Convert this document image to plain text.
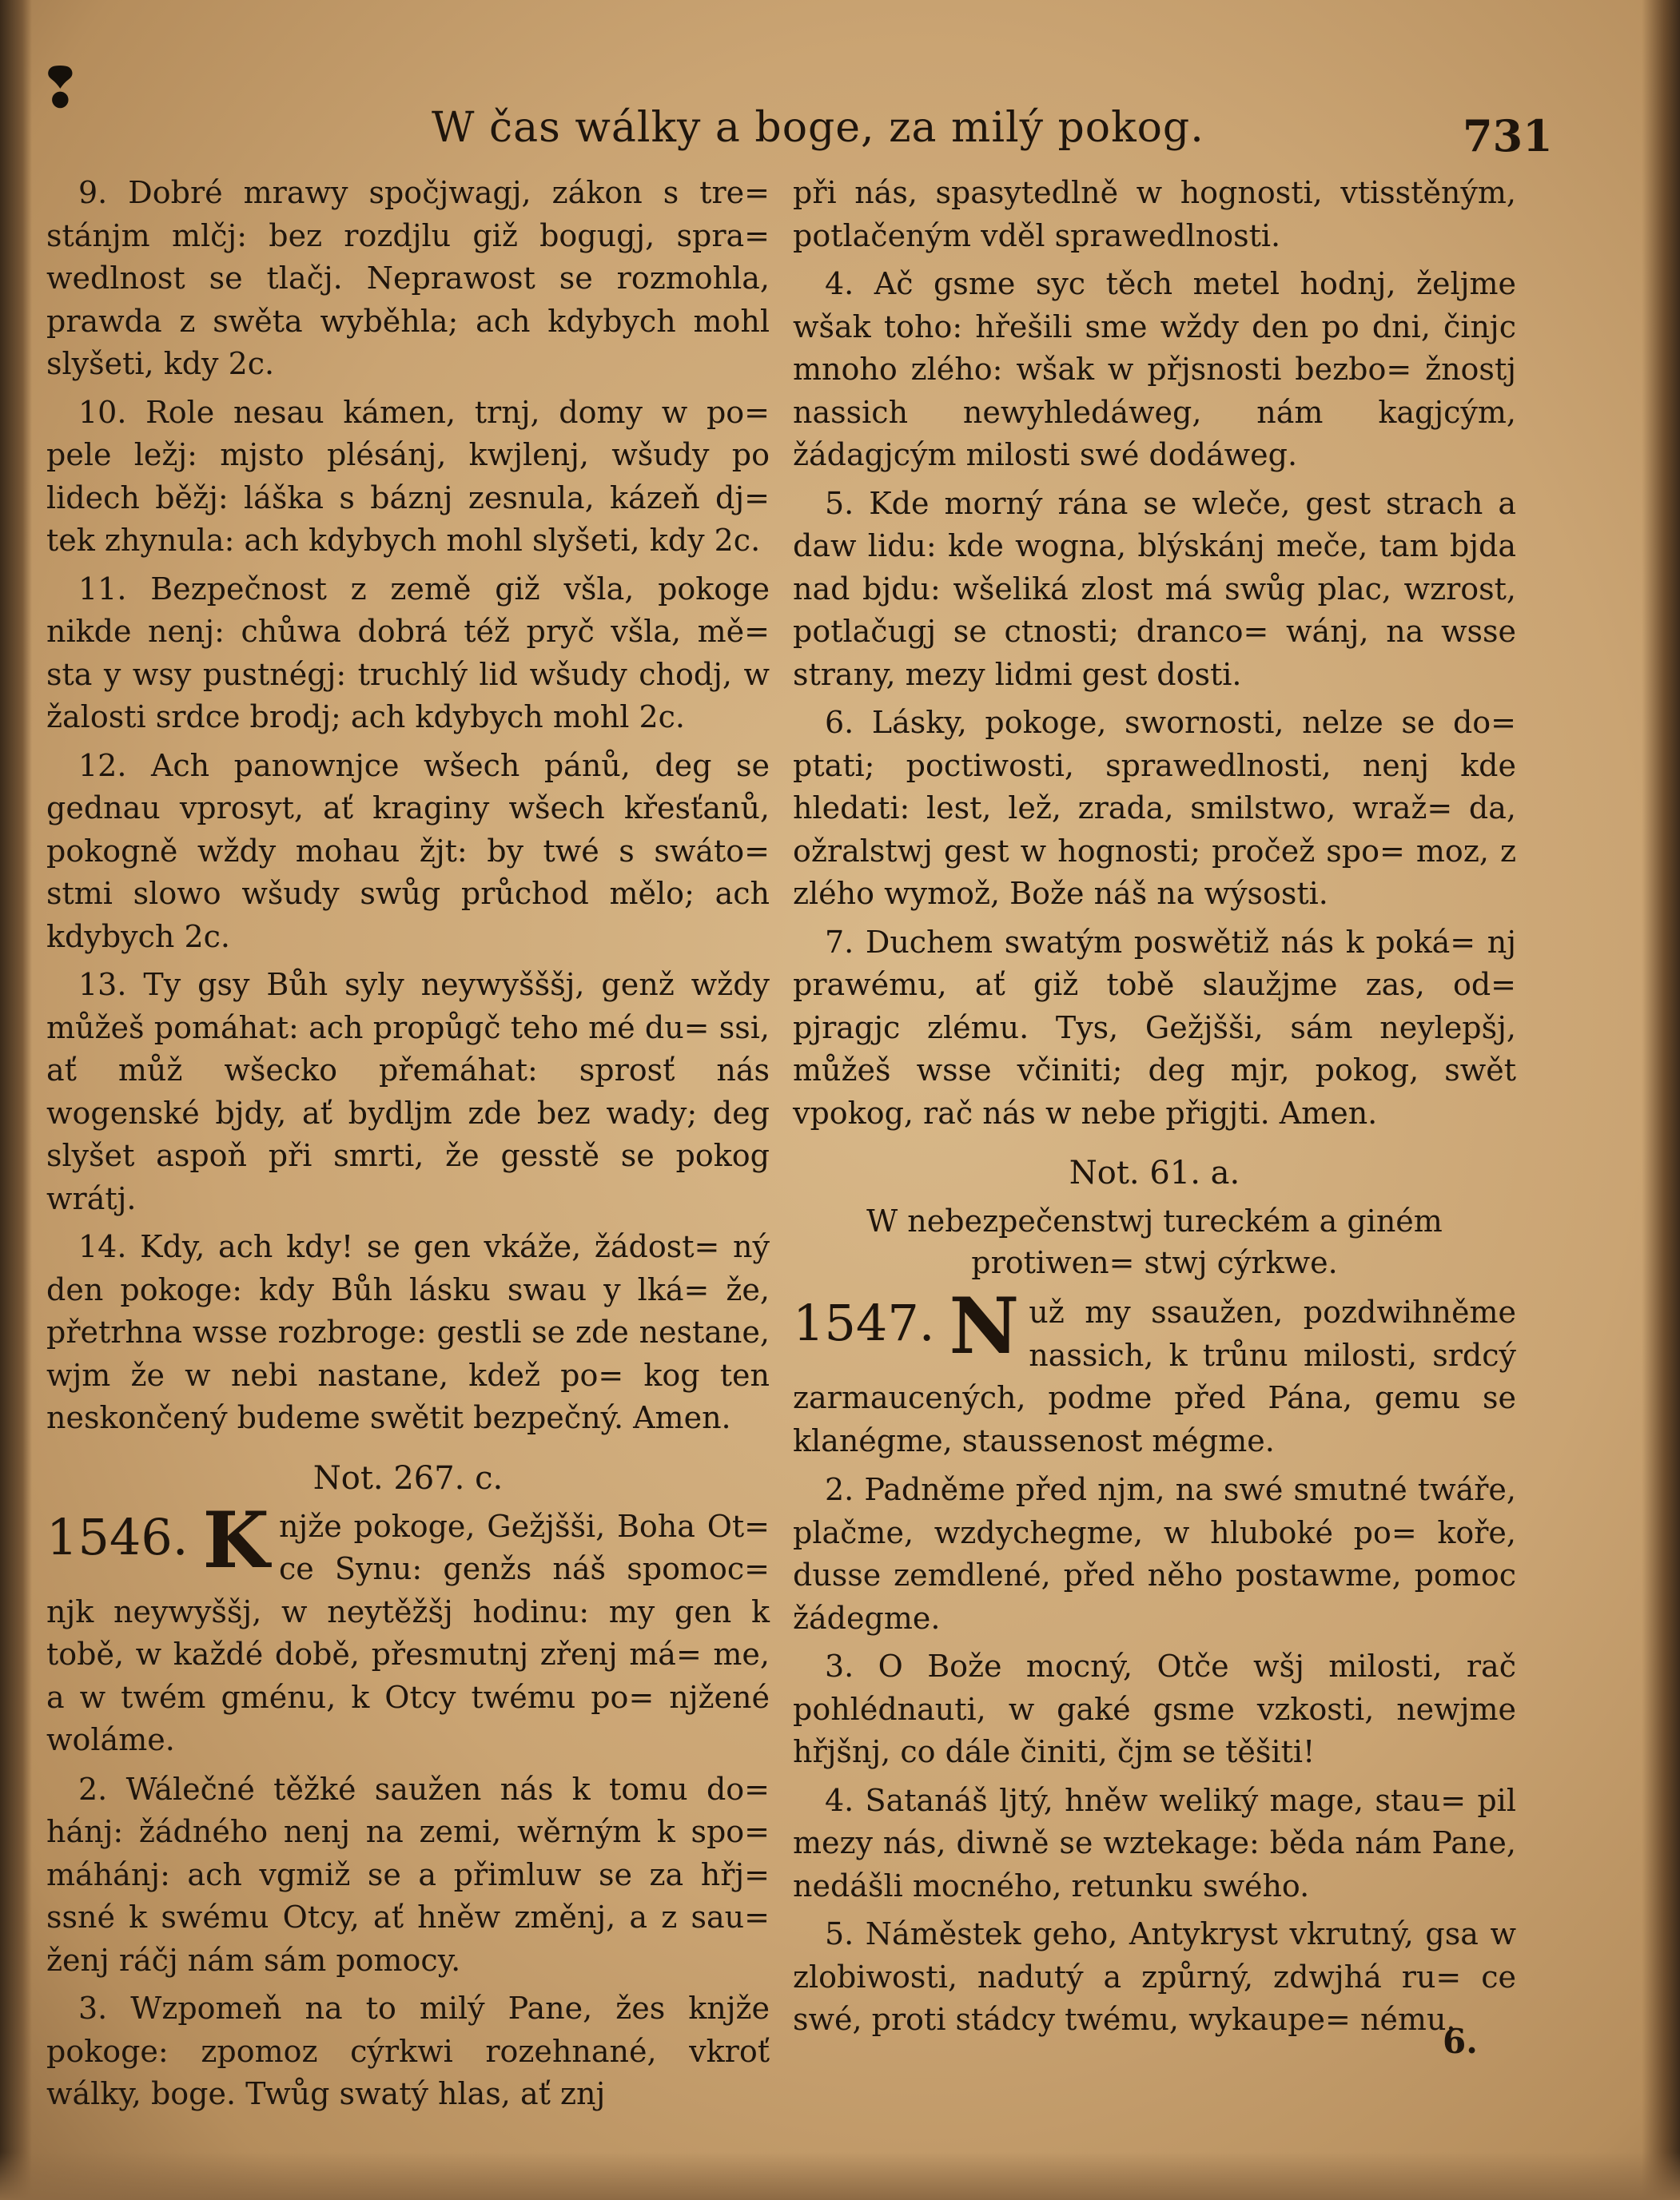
❢
W čas wálky a boge, za milý pokog.	731

9. Dobré mrawy spočjwagj, zákon s tre= stánjm mlčj: bez rozdjlu giž bogugj, spra= wedlnost se tlačj. Neprawost se rozmohla, prawda z swěta wyběhla; ach kdybych mohl slyšeti, kdy 2c.

10. Role nesau kámen, trnj, domy w po= pele ležj: mjsto plésánj, kwjlenj, wšudy po lidech běžj: láška s báznj zesnula, kázeň dj= tek zhynula: ach kdybych mohl slyšeti, kdy 2c.

11. Bezpečnost z země giž všla, pokoge nikde nenj: chůwa dobrá též pryč všla, mě= sta y wsy pustnégj: truchlý lid wšudy chodj, w žalosti srdce brodj; ach kdybych mohl 2c.

12. Ach panownjce wšech pánů, deg se gednau vprosyt, ať kraginy wšech křesťanů, pokogně wždy mohau žjt: by twé s swáto= stmi slowo wšudy swůg průchod mělo; ach kdybych 2c.

13. Ty gsy Bůh syly neywyšššj, genž wždy můžeš pomáhat: ach propůgč teho mé du= ssi, ať můž wšecko přemáhat: sprosť nás wogenské bjdy, ať bydljm zde bez wady; deg slyšet aspoň při smrti, že gesstě se pokog wrátj.

14. Kdy, ach kdy! se gen vkáže, žádost= ný den pokoge: kdy Bůh lásku swau y lká= že, přetrhna wsse rozbroge: gestli se zde nestane, wjm že w nebi nastane, kdež po= kog ten neskončený budeme swětit bezpečný. Amen.

Not. 267. c.
1546. K njže pokoge, Gežjšši, Boha Ot= ce Synu: genžs náš spomoc= njk neywyššj, w neytěžšj hodinu: my gen k tobě, w každé době, přesmutnj zřenj má= me, a w twém gménu, k Otcy twému po= njžené woláme.

2. Wálečné těžké saužen nás k tomu do= hánj: žádného nenj na zemi, wěrným k spo= máhánj: ach vgmiž se a přimluw se za hřj= ssné k swému Otcy, ať hněw změnj, a z sau= ženj ráčj nám sám pomocy.

3. Wzpomeň na to milý Pane, žes knjže pokoge: zpomoz cýrkwi rozehnané, vkroť wálky, boge. Twůg swatý hlas, ať znj

při nás, spasytedlně w hognosti, vtisstěným, potlačeným vděl sprawedlnosti.

4. Ač gsme syc těch metel hodnj, željme wšak toho: hřešili sme wždy den po dni, činjc mnoho zlého: wšak w přjsnosti bezbo= žnostj nassich newyhledáweg, nám kagjcým, žádagjcým milosti swé dodáweg.

5. Kde morný rána se wleče, gest strach a daw lidu: kde wogna, blýskánj meče, tam bjda nad bjdu: wšeliká zlost má swůg plac, wzrost, potlačugj se ctnosti; dranco= wánj, na wsse strany, mezy lidmi gest dosti.

6. Lásky, pokoge, swornosti, nelze se do= ptati; poctiwosti, sprawedlnosti, nenj kde hledati: lest, lež, zrada, smilstwo, wraž= da, ožralstwj gest w hognosti; pročež spo= moz, z zlého wymož, Bože náš na wýsosti.

7. Duchem swatým poswětiž nás k poká= nj prawému, ať giž tobě slaužjme zas, od= pjragjc zlému. Tys, Gežjšši, sám neylepšj, můžeš wsse včiniti; deg mjr, pokog, swět vpokog, rač nás w nebe přigjti. Amen.

Not. 61. a.
W nebezpečenstwj tureckém a giném protiwen= stwj cýrkwe.
1547. N už my ssaužen, pozdwihněme nassich, k trůnu milosti, srdcý zarmaucených, podme před Pána, gemu se klanégme, staussenost mégme.

2. Padněme před njm, na swé smutné twáře, plačme, wzdychegme, w hluboké po= koře, dusse zemdlené, před něho postawme, pomoc žádegme.

3. O Bože mocný, Otče wšj milosti, rač pohlédnauti, w gaké gsme vzkosti, newjme hřjšnj, co dále činiti, čjm se těšiti!

4. Satanáš ljtý, hněw weliký mage, stau= pil mezy nás, diwně se wztekage: běda nám Pane, nedášli mocného, retunku swého.

5. Náměstek geho, Antykryst vkrutný, gsa w zlobiwosti, nadutý a způrný, zdwjhá ru= ce swé, proti stádcy twému, wykaupe= nému.

6.
